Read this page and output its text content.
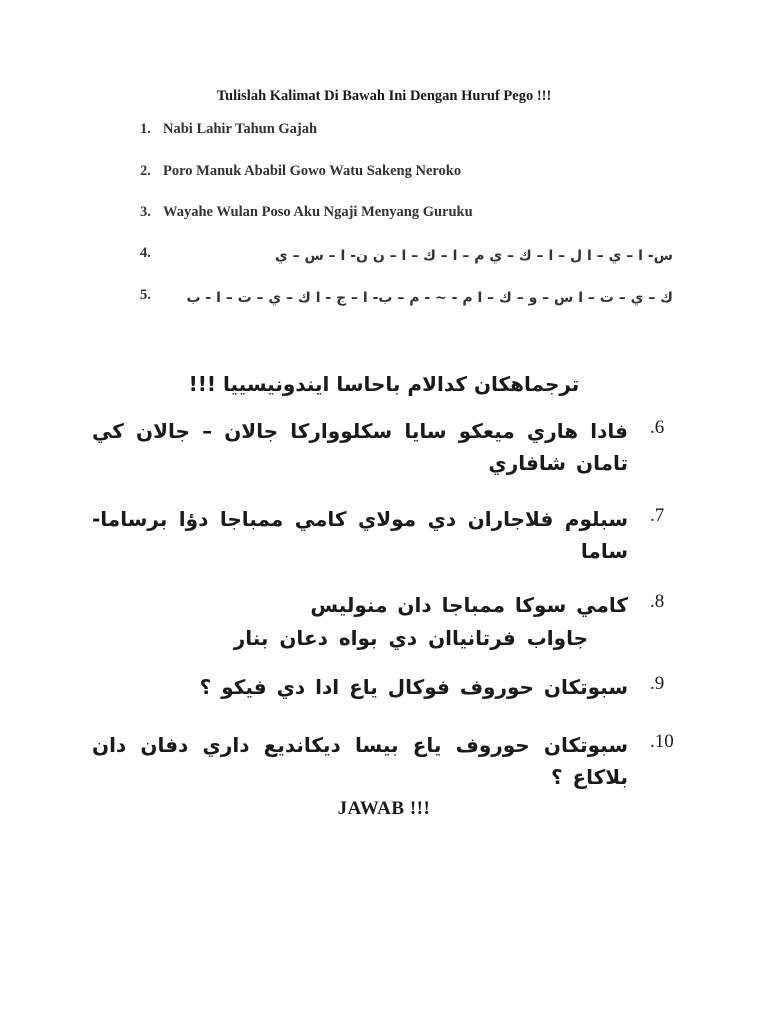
Tulislah Kalimat Di Bawah Ini Dengan Huruf Pego !!!
1. Nabi Lahir Tahun Gajah
2. Poro Manuk Ababil Gowo Watu Sakeng Neroko
3. Wayahe Wulan Poso Aku Ngaji Menyang Guruku
4.	س- ا – ي – ا ل – ا – ك – ي م – ا – ك – ا – ن ن- ا – س – ي
5.	ك – ي – ت – ا س – و – ك – ا م - ~ - م – ب- ا – ج - ا ك – ي – ت – ا - ب
ترجماهكان كدالام باحاسا ايندونيسييا !!!
.6
فادا هاري ميعكو سايا سكلووارکا جالان – جالان كي تامان شافاري
.7
سبلوم فلاجاران دي مولاي كامي ممباجا دؤا برساما- ساما
.8
كامي سوكا ممباجا دان منوليس
جاواب فرتانياان دي بواه دعان بنار
.9
سبوتكان حوروف فوكال ياع ادا دي فيكو ؟
.10
سبوتكان حوروف ياع بيسا ديكانديع داري دفان دان بلاكاع ؟
JAWAB !!!
